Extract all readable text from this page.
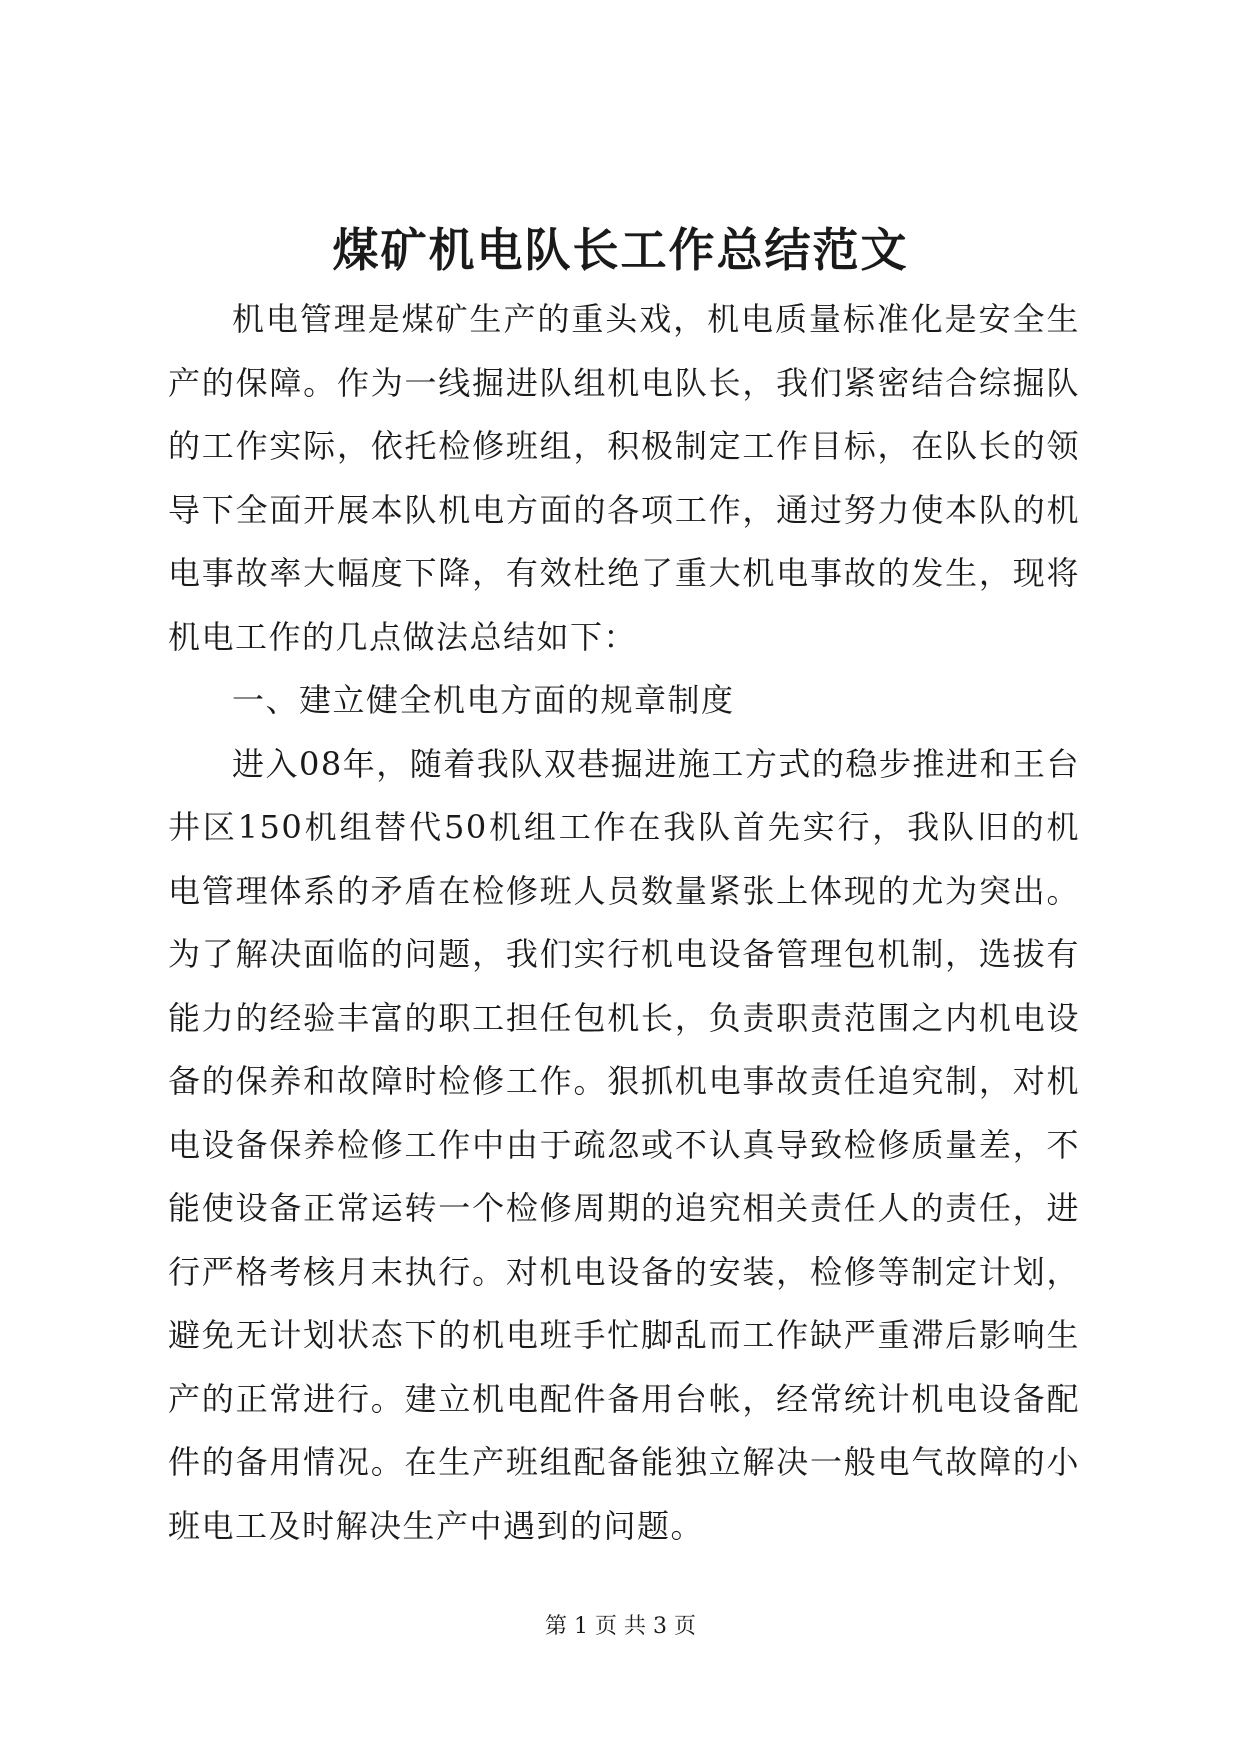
煤矿机电队长工作总结范文

机电管理是煤矿生产的重头戏，机电质量标准化是安全生产的保障。作为一线掘进队组机电队长，我们紧密结合综掘队的工作实际，依托检修班组，积极制定工作目标，在队长的领导下全面开展本队机电方面的各项工作，通过努力使本队的机电事故率大幅度下降，有效杜绝了重大机电事故的发生，现将机电工作的几点做法总结如下：

一、建立健全机电方面的规章制度

进入08年，随着我队双巷掘进施工方式的稳步推进和王台井区150机组替代50机组工作在我队首先实行，我队旧的机电管理体系的矛盾在检修班人员数量紧张上体现的尤为突出。为了解决面临的问题，我们实行机电设备管理包机制，选拔有能力的经验丰富的职工担任包机长，负责职责范围之内机电设备的保养和故障时检修工作。狠抓机电事故责任追究制，对机电设备保养检修工作中由于疏忽或不认真导致检修质量差，不能使设备正常运转一个检修周期的追究相关责任人的责任，进行严格考核月末执行。对机电设备的安装，检修等制定计划，避免无计划状态下的机电班手忙脚乱而工作缺严重滞后影响生产的正常进行。建立机电配件备用台帐，经常统计机电设备配件的备用情况。在生产班组配备能独立解决一般电气故障的小班电工及时解决生产中遇到的问题。

第 1 页 共 3 页
